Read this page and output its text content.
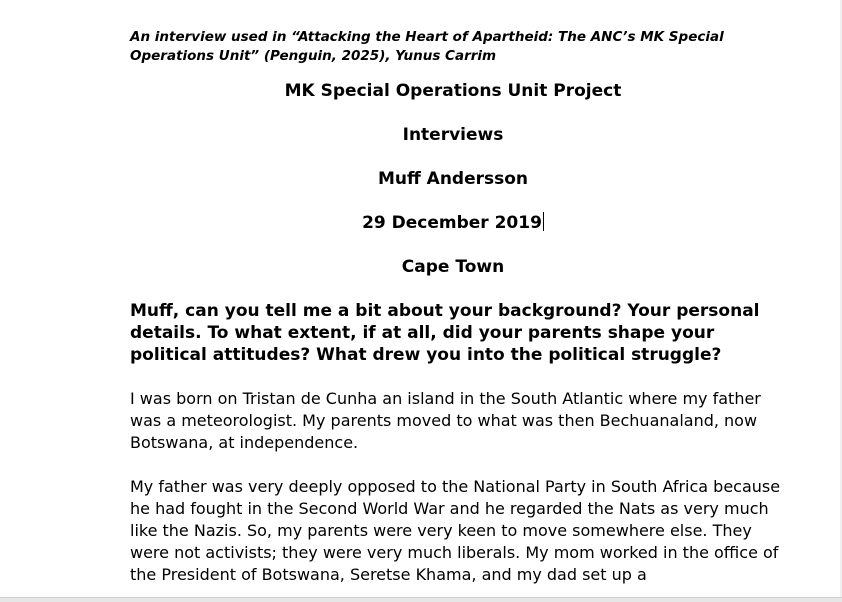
An interview used in “Attacking the Heart of Apartheid: The ANC’s MK Special Operations Unit” (Penguin, 2025), Yunus Carrim

MK Special Operations Unit Project

Interviews

Muff Andersson

29 December 2019

Cape Town

Muff, can you tell me a bit about your background? Your personal details. To what extent, if at all, did your parents shape your political attitudes? What drew you into the political struggle?

I was born on Tristan de Cunha an island in the South Atlantic where my father was a meteorologist. My parents moved to what was then Bechuanaland, now Botswana, at independence.

My father was very deeply opposed to the National Party in South Africa because he had fought in the Second World War and he regarded the Nats as very much like the Nazis. So, my parents were very keen to move somewhere else. They were not activists; they were very much liberals. My mom worked in the office of the President of Botswana, Seretse Khama, and my dad set up a
